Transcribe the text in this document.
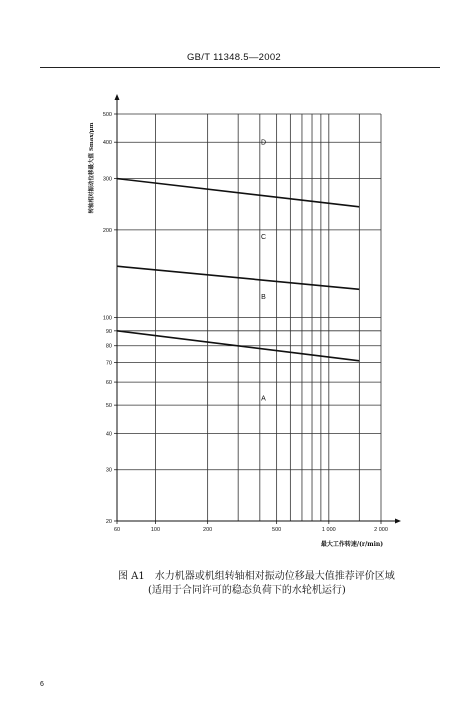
GB/T 11348.5—2002
20
30
40
50
60
70
80
90
100
200
300
400
500
60	100	200	500	1 000	2 000
最大工作转速/(r/min)
转轴相对振动位移最大值 Smax/μm	D
C
B
A
图 A1　水力机器或机组转轴相对振动位移最大值推荐评价区域
(适用于合同许可的稳态负荷下的水轮机运行)
6
